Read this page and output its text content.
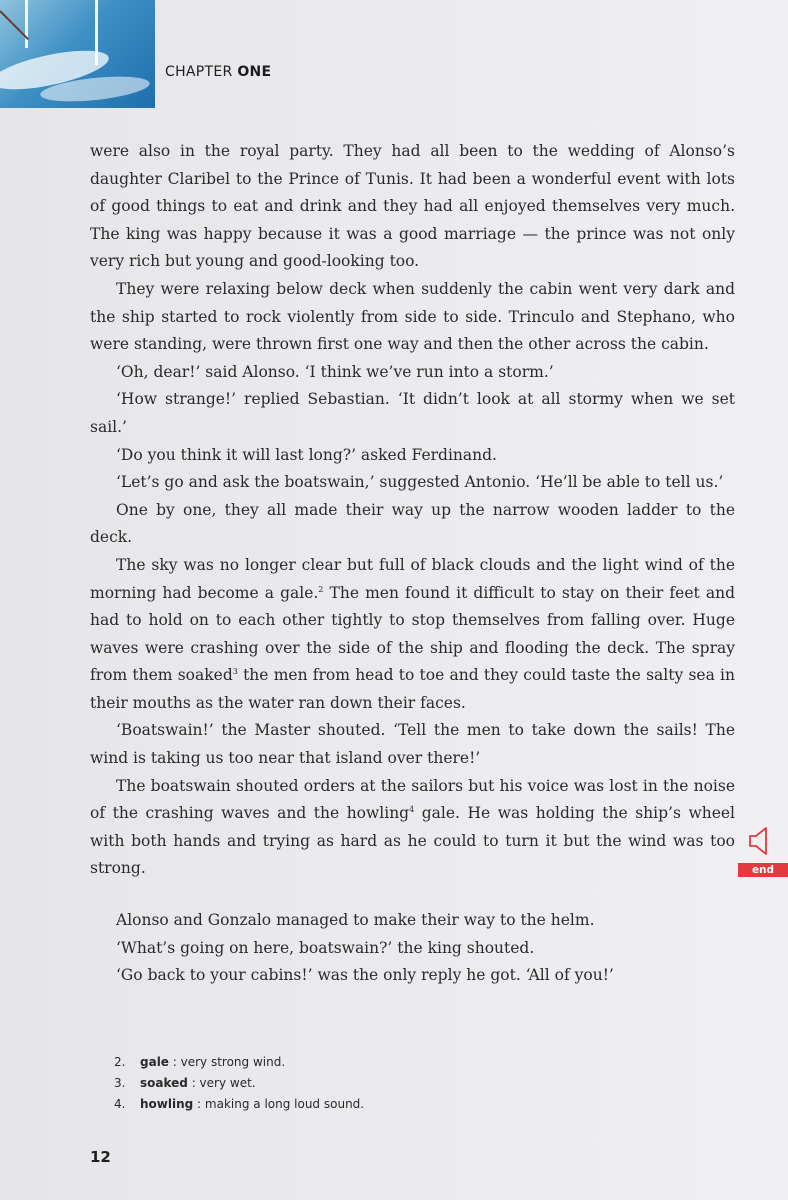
CHAPTER ONE

were also in the royal party. They had all been to the wedding of Alonso’s daughter Claribel to the Prince of Tunis. It had been a wonderful event with lots of good things to eat and drink and they had all enjoyed themselves very much. The king was happy because it was a good marriage — the prince was not only very rich but young and good-looking too.

They were relaxing below deck when suddenly the cabin went very dark and the ship started to rock violently from side to side. Trinculo and Stephano, who were standing, were thrown first one way and then the other across the cabin.

‘Oh, dear!’ said Alonso. ‘I think we’ve run into a storm.’

‘How strange!’ replied Sebastian. ‘It didn’t look at all stormy when we set sail.’

‘Do you think it will last long?’ asked Ferdinand.

‘Let’s go and ask the boatswain,’ suggested Antonio. ‘He’ll be able to tell us.’

One by one, they all made their way up the narrow wooden ladder to the deck.

The sky was no longer clear but full of black clouds and the light wind of the morning had become a gale.$^2$ The men found it difficult to stay on their feet and had to hold on to each other tightly to stop themselves from falling over. Huge waves were crashing over the side of the ship and flooding the deck. The spray from them soaked$^3$ the men from head to toe and they could taste the salty sea in their mouths as the water ran down their faces.

‘Boatswain!’ the Master shouted. ‘Tell the men to take down the sails! The wind is taking us too near that island over there!’

The boatswain shouted orders at the sailors but his voice was lost in the noise of the crashing waves and the howling$^4$ gale. He was holding the ship’s wheel with both hands and trying as hard as he could to turn it but the wind was too strong.

Alonso and Gonzalo managed to make their way to the helm.

‘What’s going on here, boatswain?’ the king shouted.

‘Go back to your cabins!’ was the only reply he got. ‘All of you!’

end
2. gale : very strong wind.
3. soaked : very wet.
4. howling : making a long loud sound.
12
